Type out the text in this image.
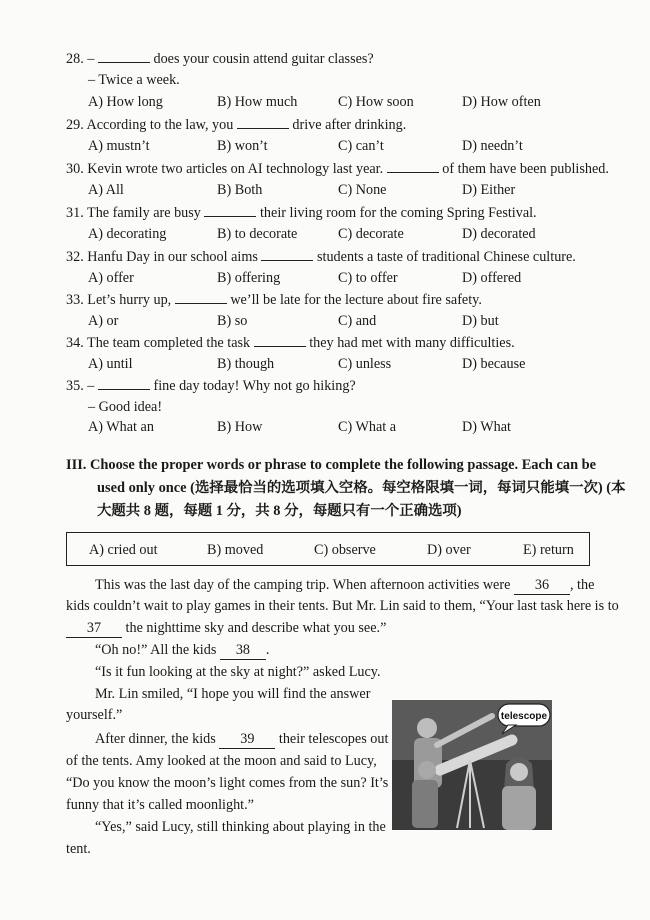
28. –	does your cousin attend guitar classes?
– Twice a week.
A) How long	B) How much	C) How soon	D) How often
29. According to the law, you	drive after drinking.
A) mustn’t	B) won’t	C) can’t	D) needn’t
30. Kevin wrote two articles on AI technology last year.	of them have been published.
A) All	B) Both	C) None	D) Either
31. The family are busy	their living room for the coming Spring Festival.
A) decorating	B) to decorate	C) decorate	D) decorated
32. Hanfu Day in our school aims	students a taste of traditional Chinese culture.
A) offer	B) offering	C) to offer	D) offered
33. Let’s hurry up,	we’ll be late for the lecture about fire safety.
A) or	B) so	C) and	D) but
34. The team completed the task	they had met with many difficulties.
A) until	B) though	C) unless	D) because
35. –	fine day today! Why not go hiking?
– Good idea!
A) What an	B) How	C) What a	D) What
III. Choose the proper words or phrase to complete the following passage. Each can be
used only once (选择最恰当的选项填入空格。每空格限填一词，每词只能填一次) (本
大题共 8 题，每题 1 分，共 8 分，每题只有一个正确选项)
A) cried out	B) moved	C) observe	D) over	E) return
This was the last day of the camping trip. When afternoon activities were 36 , the
kids couldn’t wait to play games in their tents. But Mr. Lin said to them, “Your last task here is to
37 the nighttime sky and describe what you see.”
“Oh no!” All the kids 38 .
“Is it fun looking at the sky at night?” asked Lucy.
Mr. Lin smiled, “I hope you will find the answer
yourself.”
After dinner, the kids 39 their telescopes out
of the tents. Amy looked at the moon and said to Lucy,
“Do you know the moon’s light comes from the sun? It’s
funny that it’s called moonlight.”
“Yes,” said Lucy, still thinking about playing in the
tent.
telescope
